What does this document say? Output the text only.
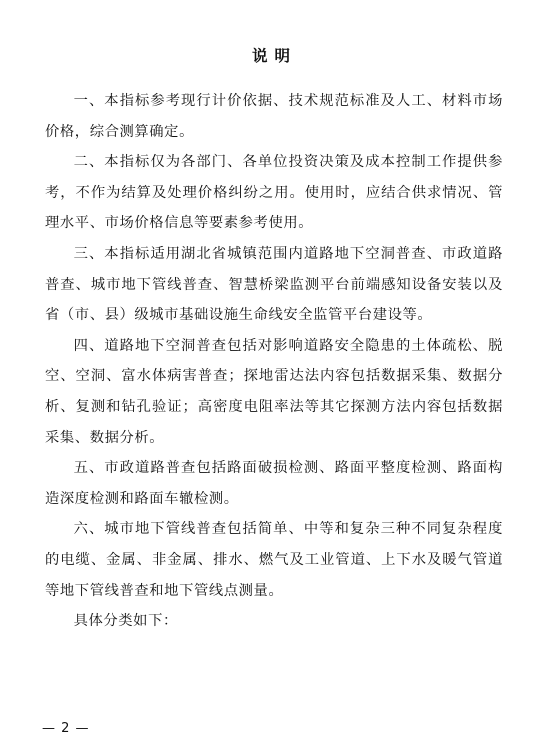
说明

一、本指标参考现行计价依据、技术规范标准及人工、材料市场价格，综合测算确定。

二、本指标仅为各部门、各单位投资决策及成本控制工作提供参考，不作为结算及处理价格纠纷之用。使用时，应结合供求情况、管理水平、市场价格信息等要素参考使用。

三、本指标适用湖北省城镇范围内道路地下空洞普查、市政道路普查、城市地下管线普查、智慧桥梁监测平台前端感知设备安装以及省（市、县）级城市基础设施生命线安全监管平台建设等。

四、道路地下空洞普查包括对影响道路安全隐患的土体疏松、脱空、空洞、富水体病害普查；探地雷达法内容包括数据采集、数据分析、复测和钻孔验证；高密度电阻率法等其它探测方法内容包括数据采集、数据分析。

五、市政道路普查包括路面破损检测、路面平整度检测、路面构造深度检测和路面车辙检测。

六、城市地下管线普查包括简单、中等和复杂三种不同复杂程度的电缆、金属、非金属、排水、燃气及工业管道、上下水及暖气管道等地下管线普查和地下管线点测量。

具体分类如下：

— 2 —
